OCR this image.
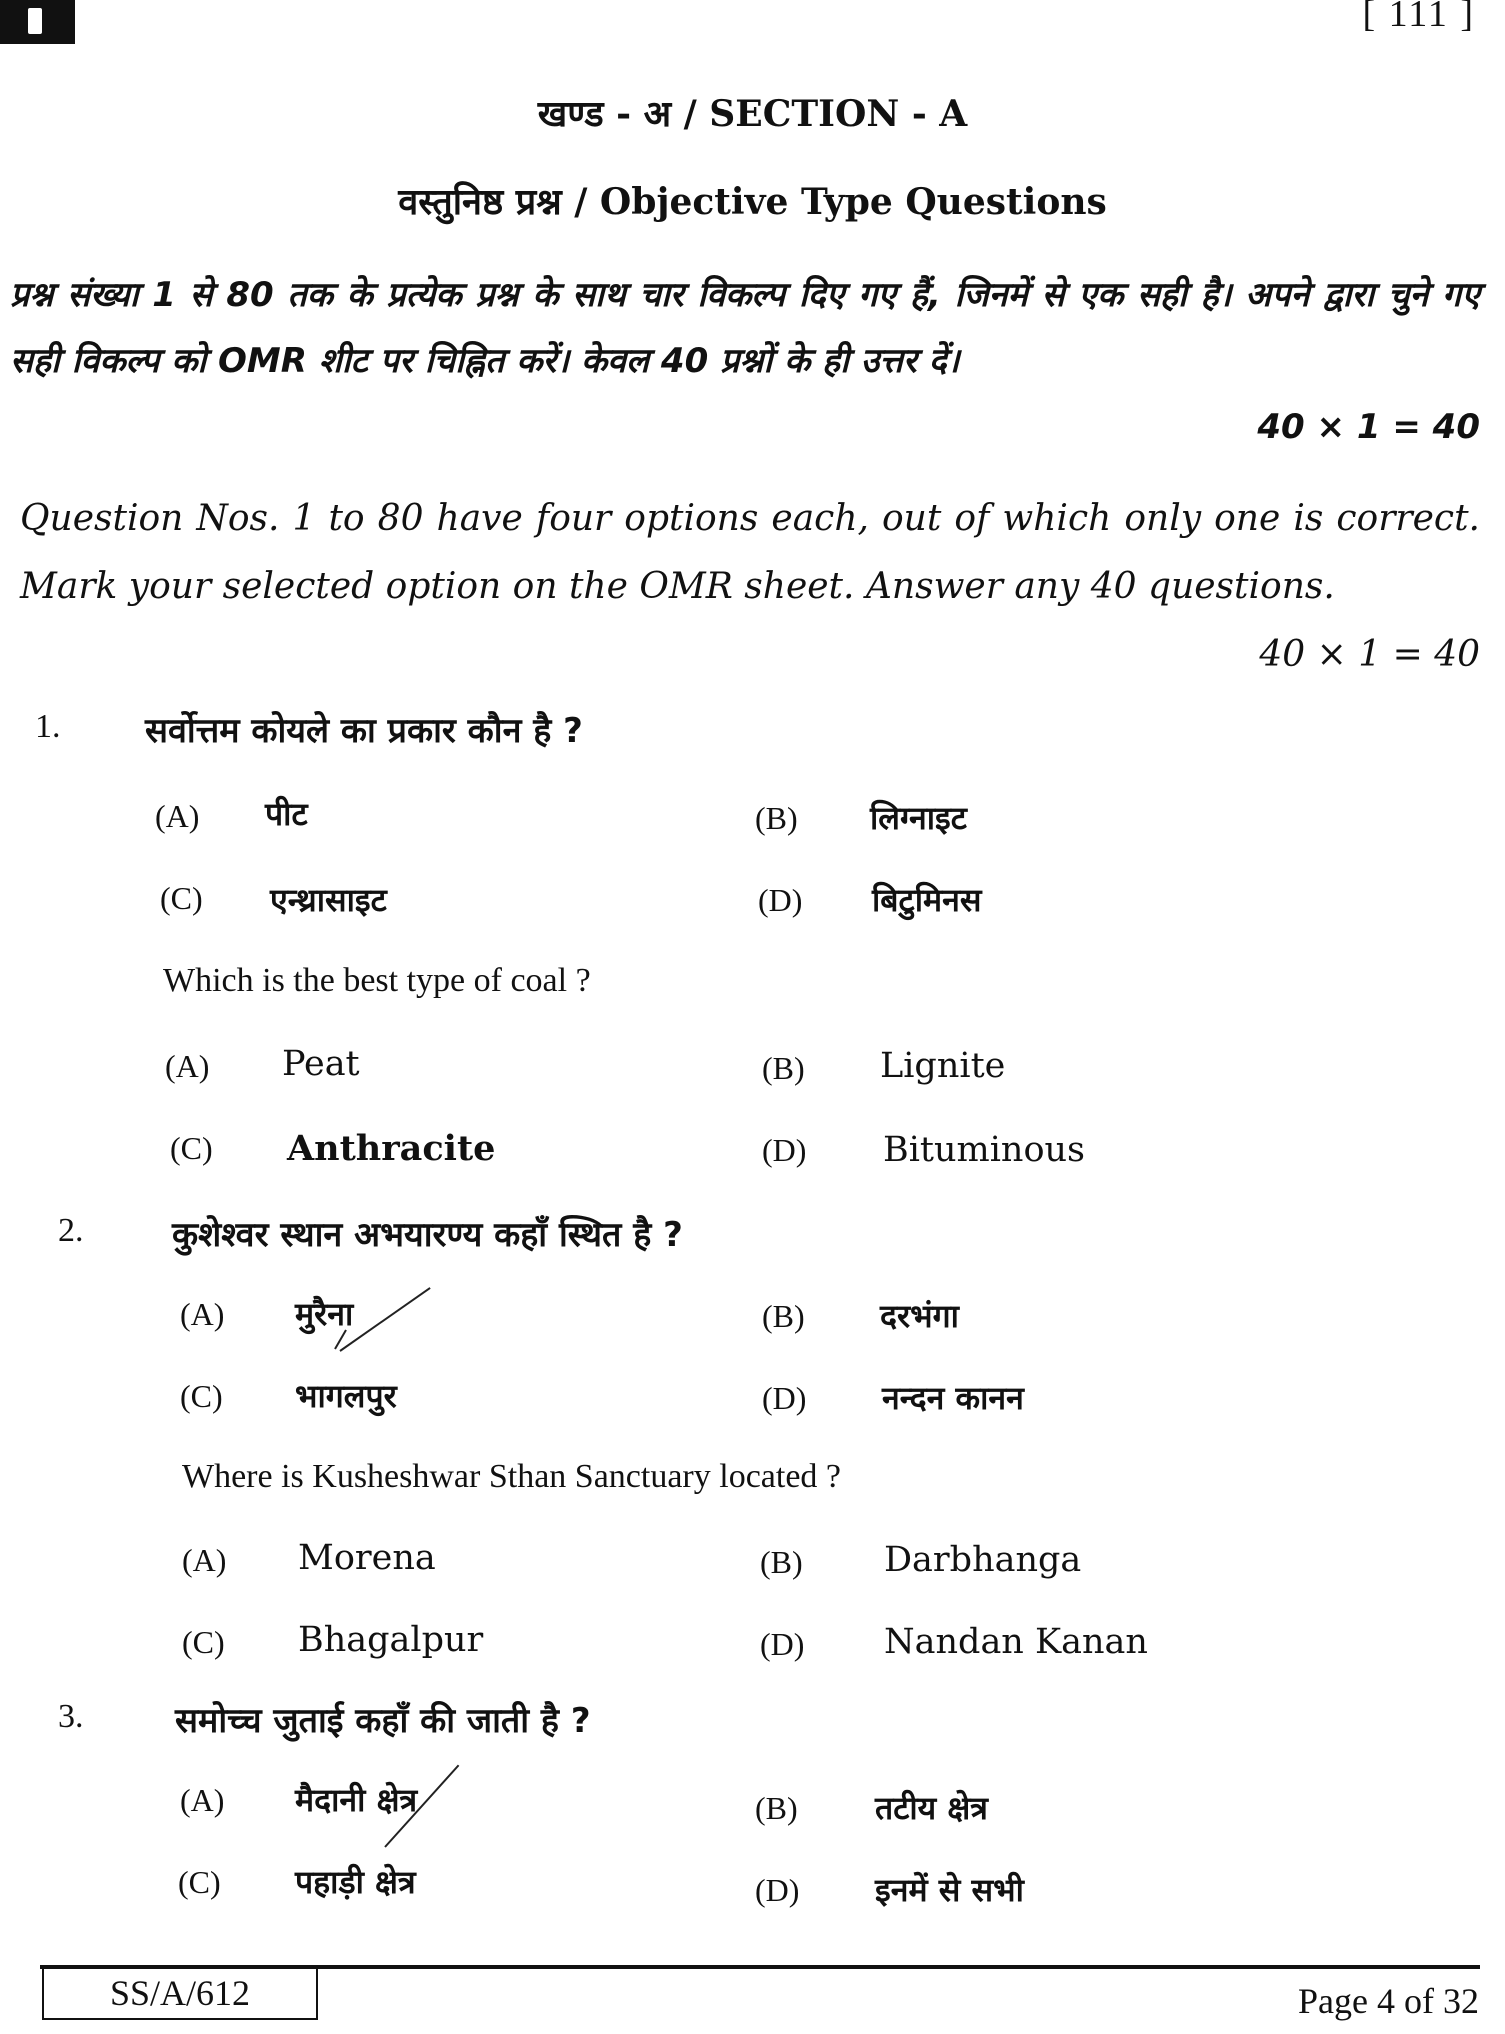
[ 111 ]
खण्ड - अ / SECTION - A
वस्तुनिष्ठ प्रश्न / Objective Type Questions
प्रश्न संख्या 1 से 80 तक के प्रत्येक प्रश्न के साथ चार विकल्प दिए गए हैं, जिनमें से एक सही है। अपने द्वारा चुने गए सही विकल्प को OMR शीट पर चिह्नित करें। केवल 40 प्रश्नों के ही उत्तर दें।
40 × 1 = 40
Question Nos. 1 to 80 have four options each, out of which only one is correct. Mark your selected option on the OMR sheet. Answer any 40 questions.
40 × 1 = 40
1. सर्वोत्तम कोयले का प्रकार कौन है ?
(A) पीट	(B) लिग्नाइट
(C) एन्थ्रासाइट	(D) बिटुमिनस
Which is the best type of coal ?
(A) Peat	(B) Lignite
(C) Anthracite	(D) Bituminous
2.	कुशेश्वर स्थान अभयारण्य कहाँ स्थित है ?
(A) मुरैना	(B) दरभंगा
(C) भागलपुर	(D) नन्दन कानन
Where is Kusheshwar Sthan Sanctuary located ?
(A) Morena	(B) Darbhanga
(C) Bhagalpur	(D) Nandan Kanan
3.	समोच्च जुताई कहाँ की जाती है ?
(A) मैदानी क्षेत्र	(B) तटीय क्षेत्र
(C) पहाड़ी क्षेत्र	(D) इनमें से सभी
SS/A/612	Page 4 of 32
